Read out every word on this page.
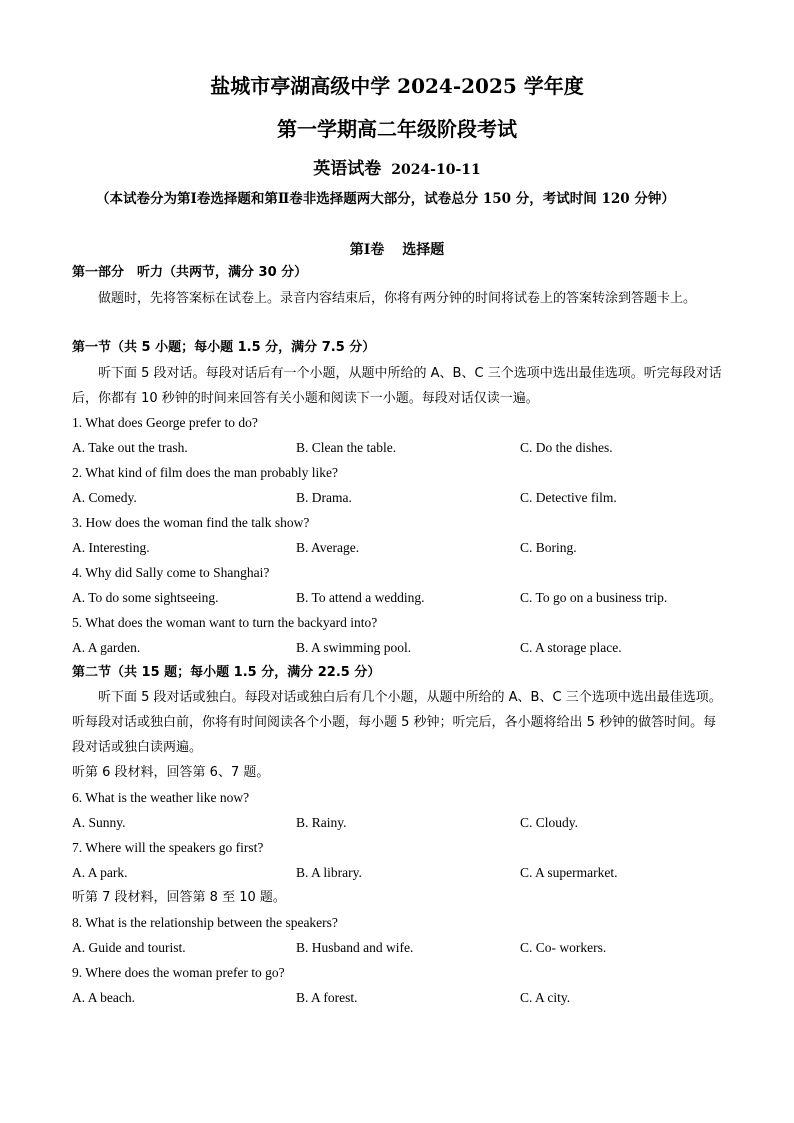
盐城市亭湖高级中学 2024-2025 学年度
第一学期高二年级阶段考试
英语试卷 2024-10-11
（本试卷分为第Ⅰ卷选择题和第Ⅱ卷非选择题两大部分，试卷总分 150 分，考试时间 120 分钟）
第Ⅰ卷 选择题
第一部分　听力（共两节，满分 30 分）
做题时，先将答案标在试卷上。录音内容结束后，你将有两分钟的时间将试卷上的答案转涂到答题卡上。
第一节（共 5 小题；每小题 1.5 分，满分 7.5 分）
听下面 5 段对话。每段对话后有一个小题，从题中所给的 A、B、C 三个选项中选出最佳选项。听完每段对话后，你都有 10 秒钟的时间来回答有关小题和阅读下一小题。每段对话仅读一遍。
1. What does George prefer to do?
A. Take out the trash.	B. Clean the table.	C. Do the dishes.
2. What kind of film does the man probably like?
A. Comedy.	B. Drama.	C. Detective film.
3. How does the woman find the talk show?
A. Interesting.	B. Average.	C. Boring.
4. Why did Sally come to Shanghai?
A. To do some sightseeing.	B. To attend a wedding.	C. To go on a business trip.
5. What does the woman want to turn the backyard into?
A. A garden.	B. A swimming pool.	C. A storage place.
第二节（共 15 题；每小题 1.5 分，满分 22.5 分）
听下面 5 段对话或独白。每段对话或独白后有几个小题，从题中所给的 A、B、C 三个选项中选出最佳选项。听每段对话或独白前，你将有时间阅读各个小题，每小题 5 秒钟；听完后，各小题将给出 5 秒钟的做答时间。每段对话或独白读两遍。
听第 6 段材料，回答第 6、7 题。
6. What is the weather like now?
A. Sunny.	B. Rainy.	C. Cloudy.
7. Where will the speakers go first?
A. A park.	B. A library.	C. A supermarket.
听第 7 段材料，回答第 8 至 10 题。
8. What is the relationship between the speakers?
A. Guide and tourist.	B. Husband and wife.	C. Co- workers.
9. Where does the woman prefer to go?
A. A beach.	B. A forest.	C. A city.
